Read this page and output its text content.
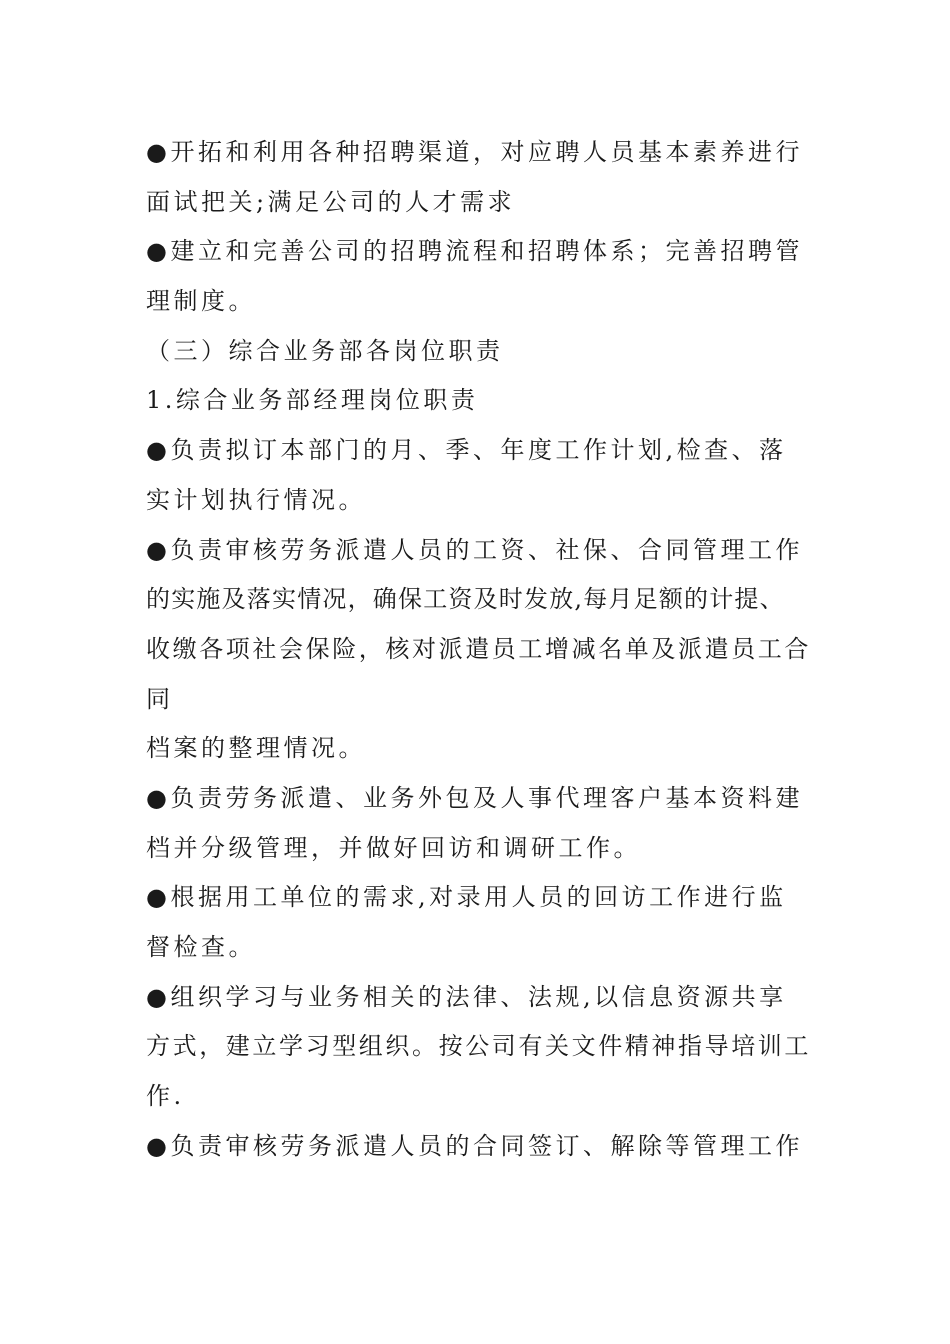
●开拓和利用各种招聘渠道，对应聘人员基本素养进行
面试把关;满足公司的人才需求
●建立和完善公司的招聘流程和招聘体系；完善招聘管
理制度。
（三）综合业务部各岗位职责
1.综合业务部经理岗位职责
●负责拟订本部门的月、季、年度工作计划,检查、落
实计划执行情况。
●负责审核劳务派遣人员的工资、社保、合同管理工作
的实施及落实情况，确保工资及时发放,每月足额的计提、
收缴各项社会保险，核对派遣员工增减名单及派遣员工合
同
档案的整理情况。
●负责劳务派遣、业务外包及人事代理客户基本资料建
档并分级管理，并做好回访和调研工作。
●根据用工单位的需求,对录用人员的回访工作进行监
督检查。
●组织学习与业务相关的法律、法规,以信息资源共享
方式，建立学习型组织。按公司有关文件精神指导培训工
作.
●负责审核劳务派遣人员的合同签订、解除等管理工作
